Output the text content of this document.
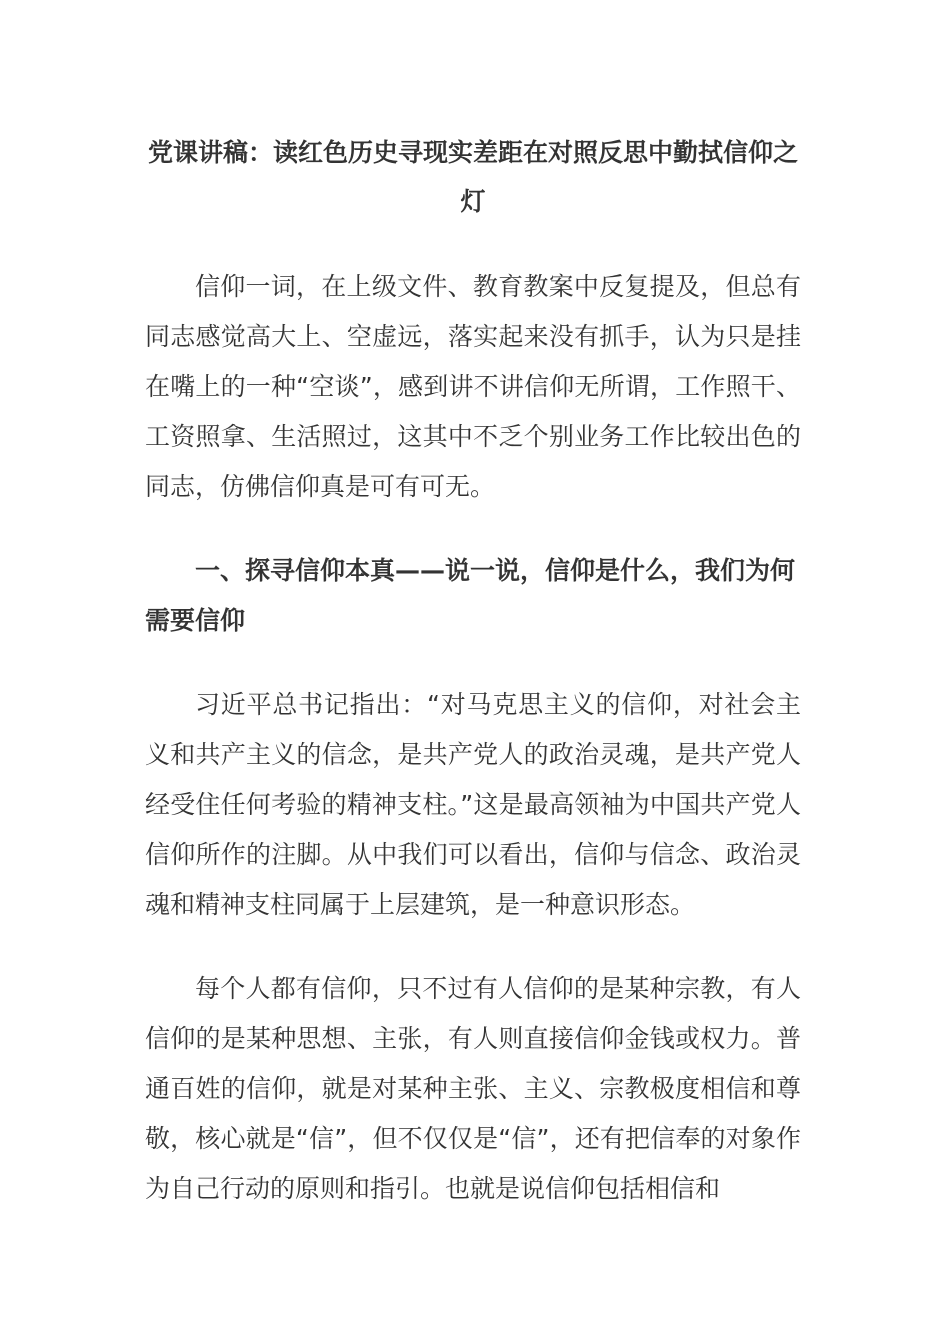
党课讲稿：读红色历史寻现实差距在对照反思中勤拭信仰之灯

信仰一词，在上级文件、教育教案中反复提及，但总有同志感觉高大上、空虚远，落实起来没有抓手，认为只是挂在嘴上的一种“空谈”，感到讲不讲信仰无所谓，工作照干、工资照拿、生活照过，这其中不乏个别业务工作比较出色的同志，仿佛信仰真是可有可无。

一、探寻信仰本真——说一说，信仰是什么，我们为何需要信仰

习近平总书记指出：“对马克思主义的信仰，对社会主义和共产主义的信念，是共产党人的政治灵魂，是共产党人经受住任何考验的精神支柱。”这是最高领袖为中国共产党人信仰所作的注脚。从中我们可以看出，信仰与信念、政治灵魂和精神支柱同属于上层建筑，是一种意识形态。

每个人都有信仰，只不过有人信仰的是某种宗教，有人信仰的是某种思想、主张，有人则直接信仰金钱或权力。普通百姓的信仰，就是对某种主张、主义、宗教极度相信和尊敬，核心就是“信”，但不仅仅是“信”，还有把信奉的对象作为自己行动的原则和指引。也就是说信仰包括相信和
